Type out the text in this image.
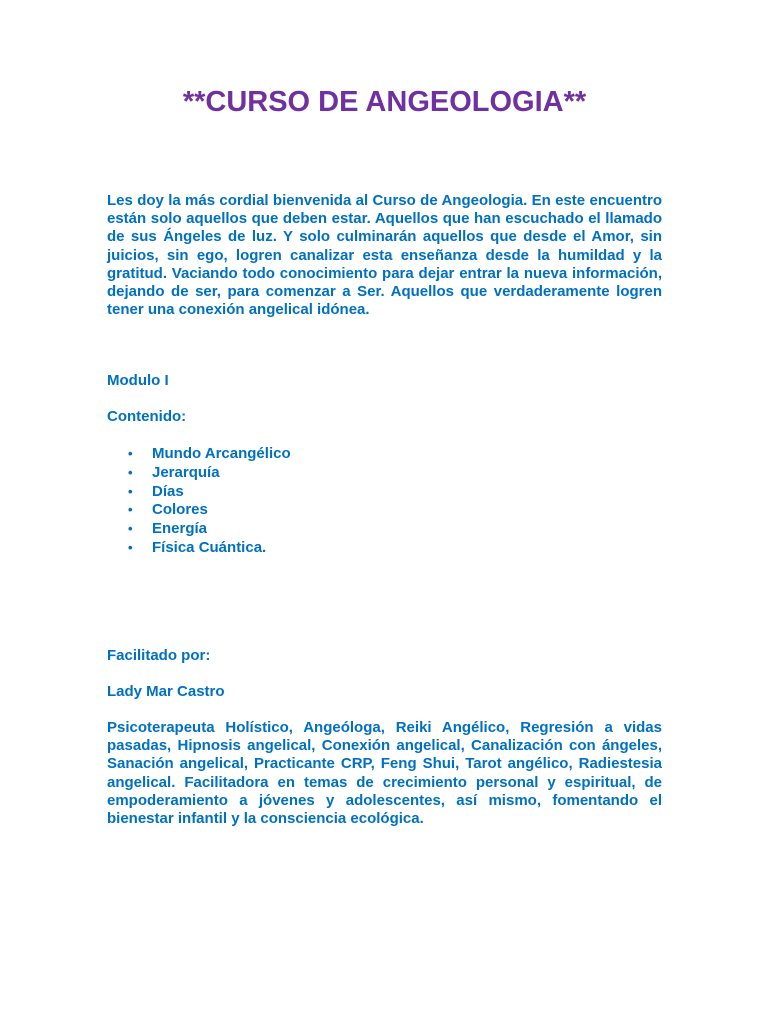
**CURSO DE ANGEOLOGIA**

Les doy la más cordial bienvenida al Curso de Angeologia. En este encuentro están solo aquellos que deben estar. Aquellos que han escuchado el llamado de sus Ángeles de luz. Y solo culminarán aquellos que desde el Amor, sin juicios, sin ego, logren canalizar esta enseñanza desde la humildad y la gratitud. Vaciando todo conocimiento para dejar entrar la nueva información, dejando de ser, para comenzar a Ser. Aquellos que verdaderamente logren tener una conexión angelical idónea.

Modulo I

Contenido:

• Mundo Arcangélico
• Jerarquía
• Días
• Colores
• Energía
• Física Cuántica.

Facilitado por:

Lady Mar Castro

Psicoterapeuta Holístico, Angeóloga, Reiki Angélico, Regresión a vidas pasadas, Hipnosis angelical, Conexión angelical, Canalización con ángeles, Sanación angelical, Practicante CRP, Feng Shui, Tarot angélico, Radiestesia angelical. Facilitadora en temas de crecimiento personal y espiritual, de empoderamiento a jóvenes y adolescentes, así mismo, fomentando el bienestar infantil y la consciencia ecológica.
